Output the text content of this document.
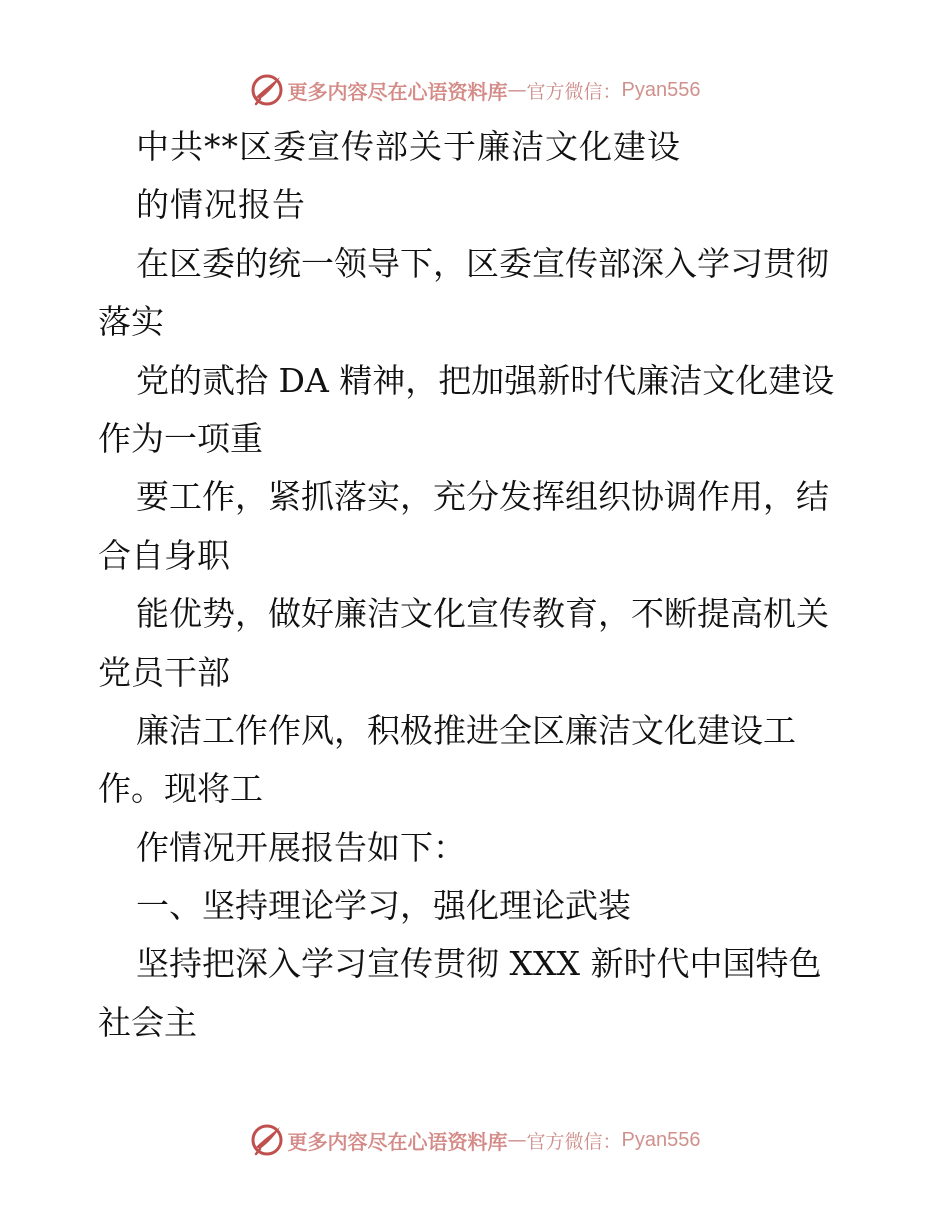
更多内容尽在心语资料库 — 官方微信： Pyan556
中共**区委宣传部关于廉洁文化建设
的情况报告
在区委的统一领导下，区委宣传部深入学习贯彻
落实
党的贰拾 DA 精神，把加强新时代廉洁文化建设
作为一项重
要工作，紧抓落实，充分发挥组织协调作用，结
合自身职
能优势，做好廉洁文化宣传教育，不断提高机关
党员干部
廉洁工作作风，积极推进全区廉洁文化建设工
作。现将工
作情况开展报告如下：
一、坚持理论学习，强化理论武装
坚持把深入学习宣传贯彻 XXX 新时代中国特色
社会主
更多内容尽在心语资料库 — 官方微信： Pyan556
